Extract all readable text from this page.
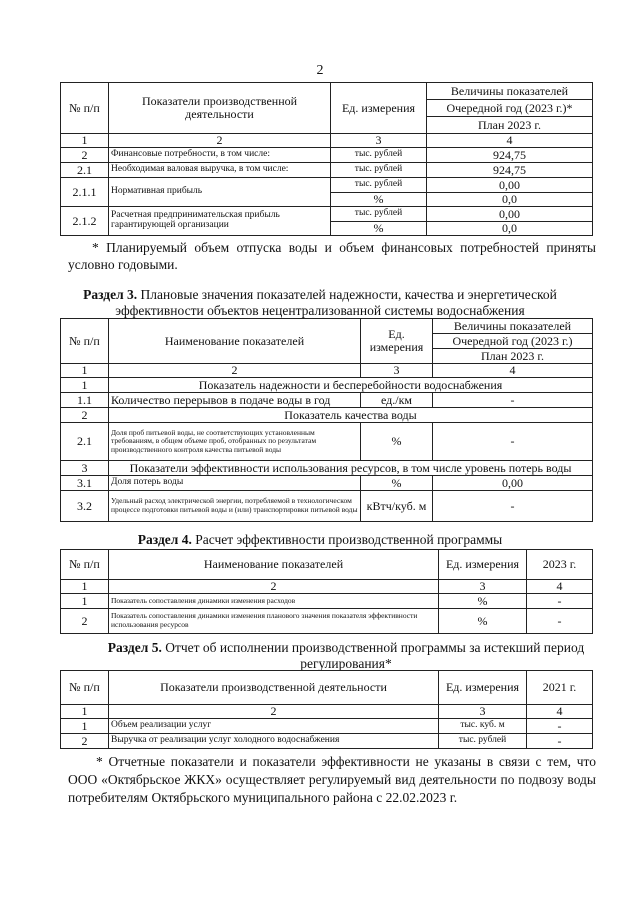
2
№ п/п	Показатели производственной деятельности	Ед. измерения	Величины показателей
			Очередной год (2023 г.)*
			План 2023 г.
1	2	3	4
2	Финансовые потребности, в том числе:	тыс. рублей	924,75
2.1	Необходимая валовая выручка, в том числе:	тыс. рублей	924,75
2.1.1	Нормативная прибыль	тыс. рублей	0,00
		%	0,0
2.1.2	Расчетная предпринимательская прибыль гарантирующей организации	тыс. рублей	0,00
		%	0,0
* Планируемый объем отпуска воды и объем финансовых потребностей приняты условно годовыми.
Раздел 3. Плановые значения показателей надежности, качества и энергетической эффективности объектов нецентрализованной системы водоснабжения
№ п/п	Наименование показателей	Ед. измерения	Величины показателей
			Очередной год (2023 г.)
			План 2023 г.
1	2	3	4
1	Показатель надежности и бесперебойности водоснабжения		
1.1	Количество перерывов в подаче воды в год	ед./км	-
2	Показатель качества воды		
2.1	Доля проб питьевой воды, не соответствующих установленным требованиям, в общем объеме проб, отобранных по результатам производственного контроля качества питьевой воды	%	-
3	Показатели эффективности использования ресурсов, в том числе уровень потерь воды		
3.1	Доля потерь воды	%	0,00
3.2	Удельный расход электрической энергии, потребляемой в технологическом процессе подготовки питьевой воды и (или) транспортировки питьевой воды	кВтч/куб. м	-
Раздел 4. Расчет эффективности производственной программы
№ п/п	Наименование показателей	Ед. измерения	2023 г.
1	2	3	4
1	Показатель сопоставления динамики изменения расходов	%	-
2	Показатель сопоставления динамики изменения планового значения показателя эффективности использования ресурсов	%	-
Раздел 5. Отчет об исполнении производственной программы за истекший период регулирования*
№ п/п	Показатели производственной деятельности	Ед. измерения	2021 г.
1	2	3	4
1	Объем реализации услуг	тыс. куб. м	-
2	Выручка от реализации услуг холодного водоснабжения	тыс. рублей	-
* Отчетные показатели и показатели эффективности не указаны в связи с тем, что ООО «Октябрьское ЖКХ» осуществляет регулируемый вид деятельности по подвозу воды потребителям Октябрьского муниципального района с 22.02.2023 г.
